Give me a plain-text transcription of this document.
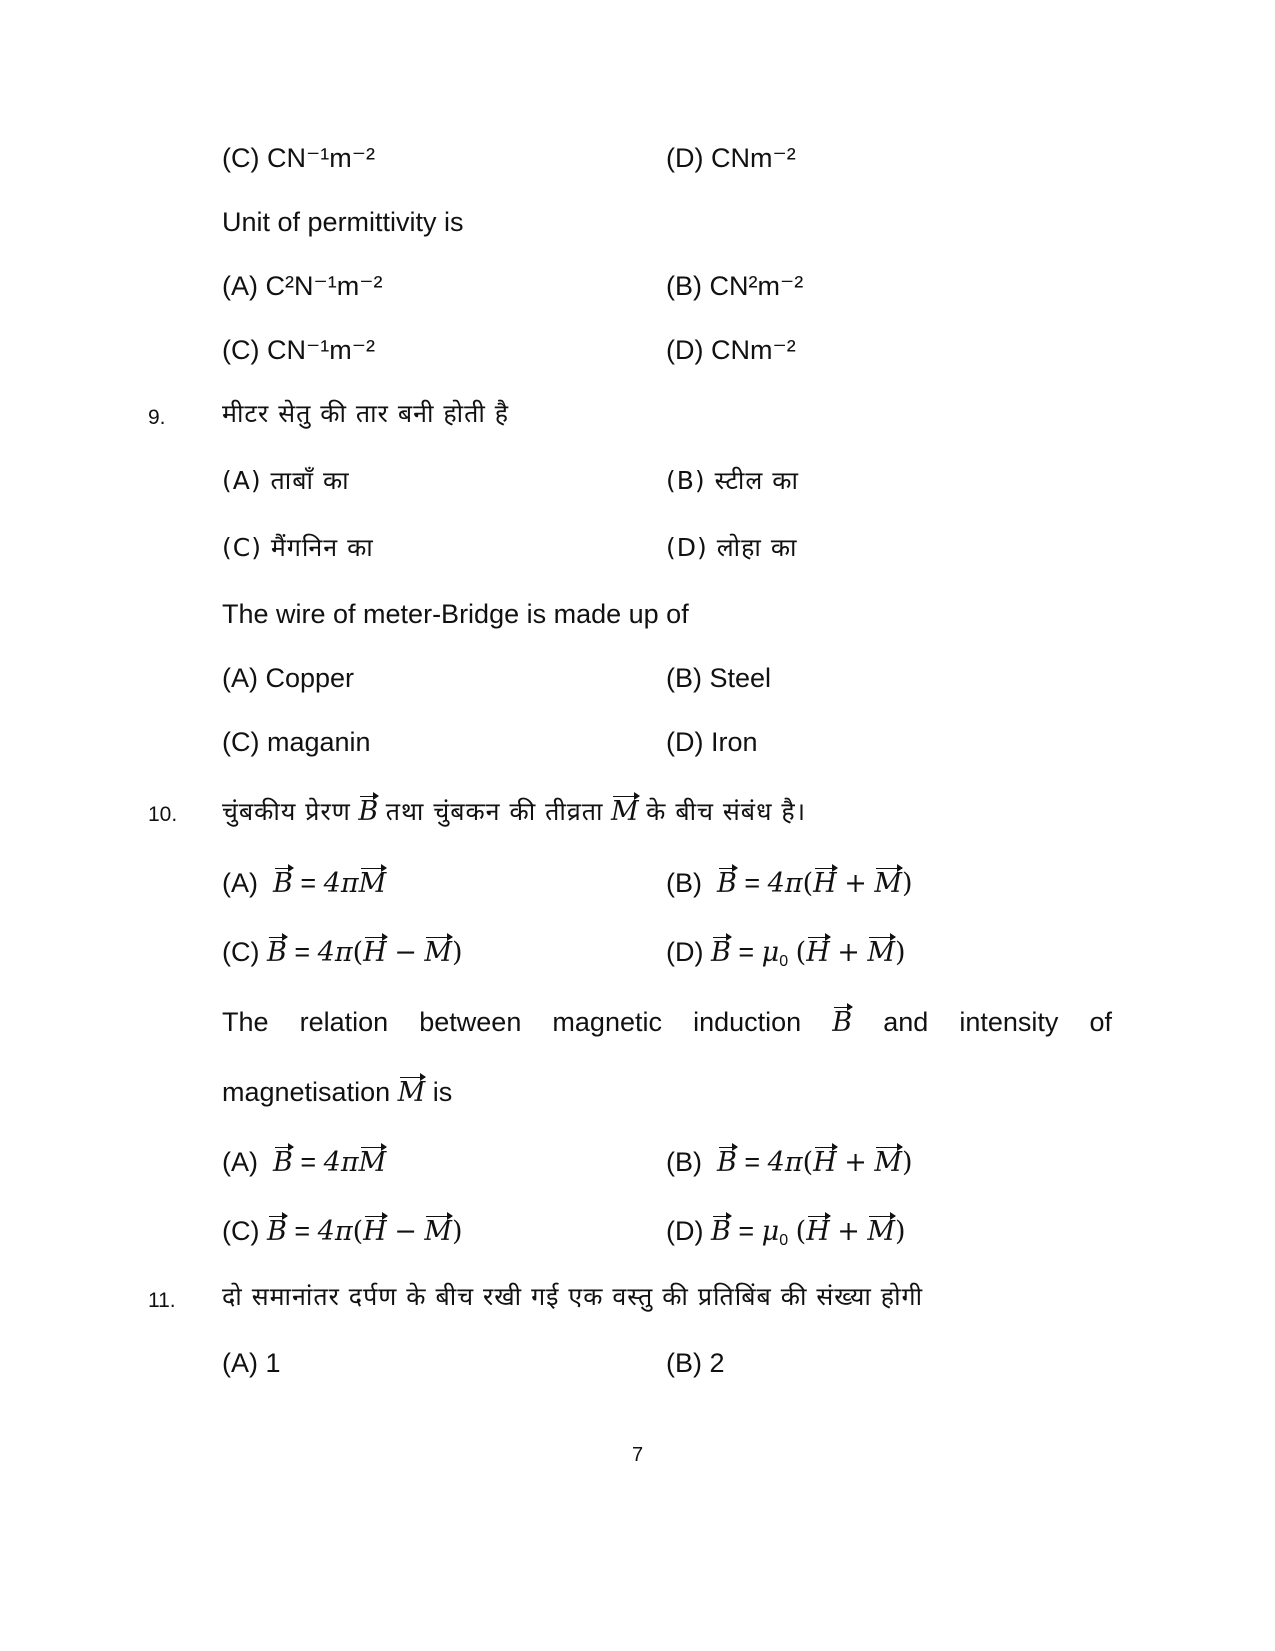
(C) CN⁻¹m⁻²	(D) CNm⁻²
Unit of permittivity is
(A) C²N⁻¹m⁻²	(B) CN²m⁻²
(C) CN⁻¹m⁻²	(D) CNm⁻²
9. मीटर सेतु की तार बनी होती है
(A) ताबाँ का	(B) स्टील का
(C) मैंगनिन का	(D) लोहा का
The wire of meter-Bridge is made up of
(A) Copper	(B) Steel
(C) maganin	(D) Iron
10. चुंबकीय प्रेरण B तथा चुंबकन की तीव्रता M के बीच संबंध है।
(A) B = 4πM	(B) B = 4π(H + M)
(C) B = 4π(H − M)	(D) $B = \mu_0$ (H + M)
The relation between magnetic induction B and intensity of
magnetisation M is
(A) B = 4πM	(B) B = 4π(H + M)
(C) B = 4π(H − M)	(D) $B = \mu_0$ (H + M)
11. दो समानांतर दर्पण के बीच रखी गई एक वस्तु की प्रतिबिंब की संख्या होगी
(A) 1	(B) 2
7
